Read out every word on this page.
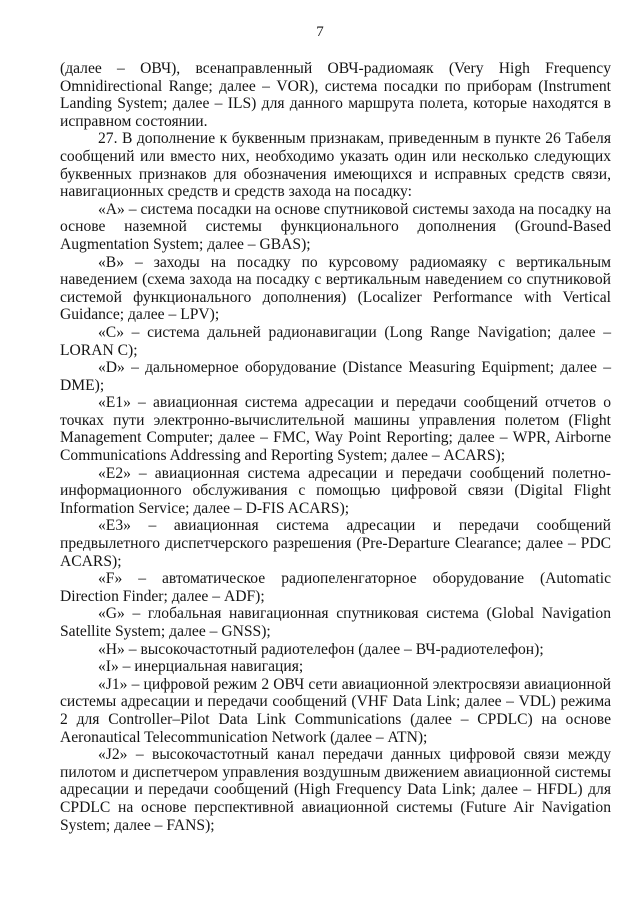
7

(далее – ОВЧ), всенаправленный ОВЧ-радиомаяк (Very High Frequency Omnidirectional Range; далее – VOR), система посадки по приборам (Instrument Landing System; далее – ILS) для данного маршрута полета, которые находятся в исправном состоянии.

27. В дополнение к буквенным признакам, приведенным в пункте 26 Табеля сообщений или вместо них, необходимо указать один или несколько следующих буквенных признаков для обозначения имеющихся и исправных средств связи, навигационных средств и средств захода на посадку:

«A» – система посадки на основе спутниковой системы захода на посадку на основе наземной системы функционального дополнения (Ground-Based Augmentation System; далее – GBAS);

«B» – заходы на посадку по курсовому радиомаяку с вертикальным наведением (схема захода на посадку с вертикальным наведением со спутниковой системой функционального дополнения) (Localizer Performance with Vertical Guidance; далее – LPV);

«C» – система дальней радионавигации (Long Range Navigation; далее – LORAN C);

«D» – дальномерное оборудование (Distance Measuring Equipment; далее – DME);

«E1» – авиационная система адресации и передачи сообщений отчетов о точках пути электронно-вычислительной машины управления полетом (Flight Management Computer; далее – FMC, Way Point Reporting; далее – WPR, Airborne Communications Addressing and Reporting System; далее – ACARS);

«E2» – авиационная система адресации и передачи сообщений полетно-информационного обслуживания с помощью цифровой связи (Digital Flight Information Service; далее – D-FIS ACARS);

«E3» – авиационная система адресации и передачи сообщений предвылетного диспетчерского разрешения (Pre-Departure Clearance; далее – PDC ACARS);

«F» – автоматическое радиопеленгаторное оборудование (Automatic Direction Finder; далее – ADF);

«G» – глобальная навигационная спутниковая система (Global Navigation Satellite System; далее – GNSS);

«H» – высокочастотный радиотелефон (далее – ВЧ-радиотелефон);

«I» – инерциальная навигация;

«J1» – цифровой режим 2 ОВЧ сети авиационной электросвязи авиационной системы адресации и передачи сообщений (VHF Data Link; далее – VDL) режима 2 для Controller–Pilot Data Link Communications (далее – CPDLC) на основе Aeronautical Telecommunication Network (далее – ATN);

«J2» – высокочастотный канал передачи данных цифровой связи между пилотом и диспетчером управления воздушным движением авиационной системы адресации и передачи сообщений (High Frequency Data Link; далее – HFDL) для CPDLC на основе перспективной авиационной системы (Future Air Navigation System; далее – FANS);
